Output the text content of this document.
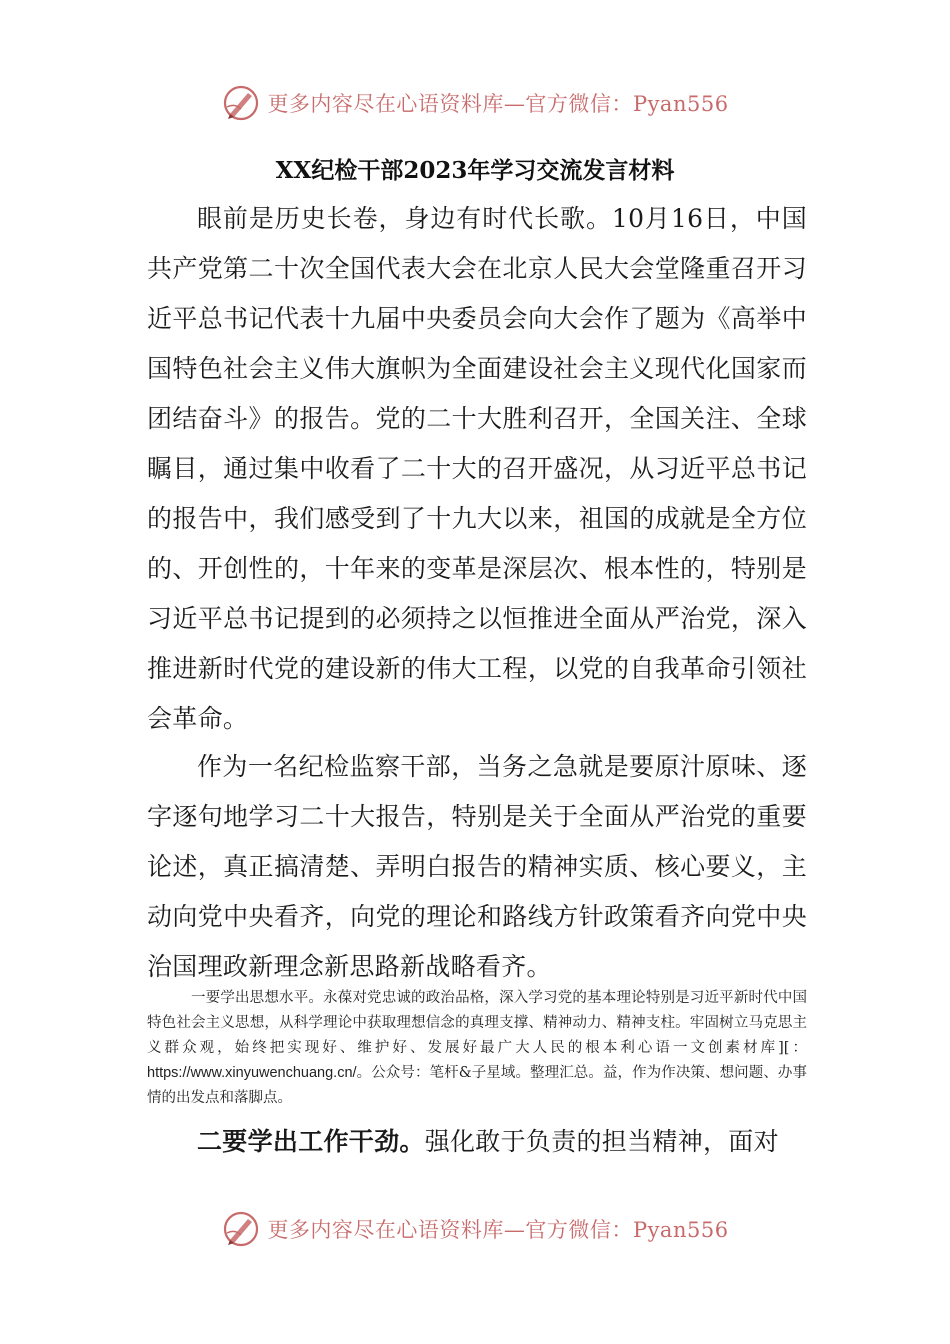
更多内容尽在心语资料库—官方微信：Pyan556
XX纪检干部2023年学习交流发言材料

眼前是历史长卷，身边有时代长歌。10月16日，中国共产党第二十次全国代表大会在北京人民大会堂隆重召开习近平总书记代表十九届中央委员会向大会作了题为《高举中国特色社会主义伟大旗帜为全面建设社会主义现代化国家而团结奋斗》的报告。党的二十大胜利召开，全国关注、全球瞩目，通过集中收看了二十大的召开盛况，从习近平总书记的报告中，我们感受到了十九大以来，祖国的成就是全方位的、开创性的，十年来的变革是深层次、根本性的，特别是习近平总书记提到的必须持之以恒推进全面从严治党，深入推进新时代党的建设新的伟大工程，以党的自我革命引领社会革命。

作为一名纪检监察干部，当务之急就是要原汁原味、逐字逐句地学习二十大报告，特别是关于全面从严治党的重要论述，真正搞清楚、弄明白报告的精神实质、核心要义，主动向党中央看齐，向党的理论和路线方针政策看齐向党中央治国理政新理念新思路新战略看齐。

一要学出思想水平。永葆对党忠诚的政治品格，深入学习党的基本理论特别是习近平新时代中国特色社会主义思想，从科学理论中获取理想信念的真理支撑、精神动力、精神支柱。牢固树立马克思主义群众观，始终把实现好、维护好、发展好最广大人民的根本利心语一文创素材库][：https://www.xinyuwenchuang.cn/。公众号：笔杆&子星域。整理汇总。益，作为作决策、想问题、办事情的出发点和落脚点。

二要学出工作干劲。强化敢于负责的担当精神，面对

更多内容尽在心语资料库—官方微信：Pyan556
